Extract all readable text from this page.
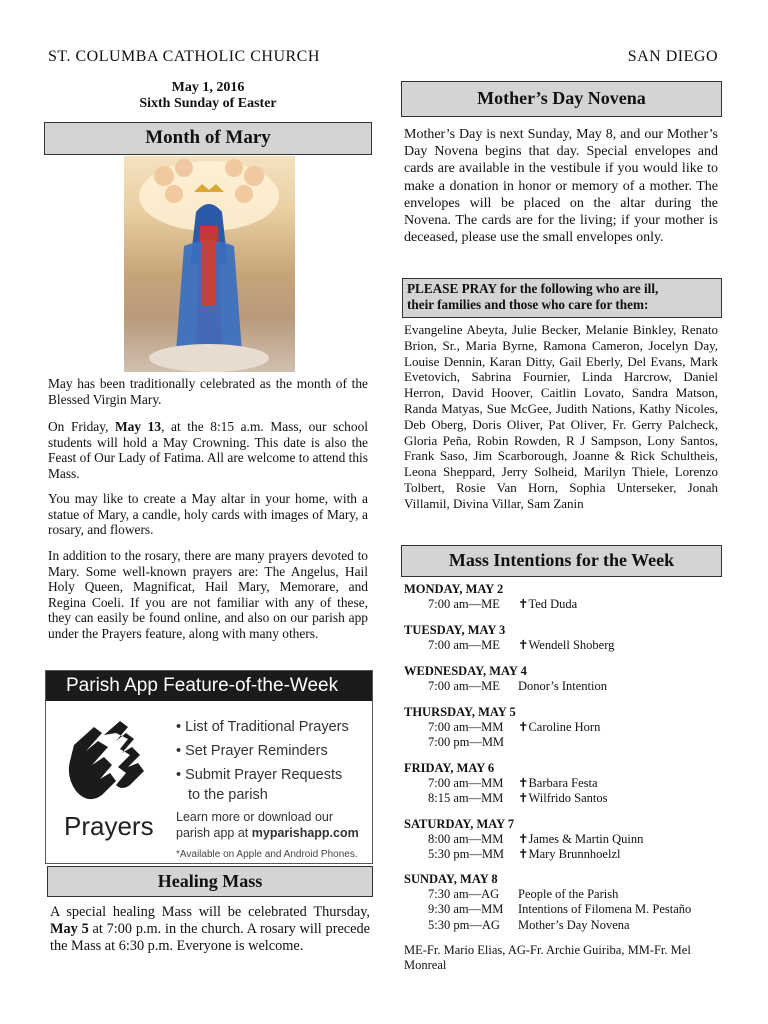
ST. COLUMBA CATHOLIC CHURCH	SAN DIEGO
May 1, 2016
Sixth Sunday of Easter
Month of Mary
May has been traditionally celebrated as the month of the Blessed Virgin Mary.
On Friday, May 13, at the 8:15 a.m. Mass, our school students will hold a May Crowning. This date is also the Feast of Our Lady of Fatima. All are welcome to attend this Mass.
You may like to create a May altar in your home, with a statue of Mary, a candle, holy cards with images of Mary, a rosary, and flowers.
In addition to the rosary, there are many prayers devoted to Mary. Some well-known prayers are: The Angelus, Hail Holy Queen, Magnificat, Hail Mary, Memorare, and Regina Coeli. If you are not familiar with any of these, they can easily be found online, and also on our parish app under the Prayers feature, along with many others.
Parish App Feature-of-the-Week
Prayers
• List of Traditional Prayers
• Set Prayer Reminders
• Submit Prayer Requests
to the parish
Learn more or download our
parish app at myparishapp.com
*Available on Apple and Android Phones.
Healing Mass
A special healing Mass will be celebrated Thursday, May 5 at 7:00 p.m. in the church. A rosary will precede the Mass at 6:30 p.m. Everyone is welcome.
Mother’s Day Novena
Mother’s Day is next Sunday, May 8, and our Mother’s Day Novena begins that day. Special envelopes and cards are available in the vestibule if you would like to make a donation in honor or memory of a mother. The envelopes will be placed on the altar during the Novena. The cards are for the living; if your mother is deceased, please use the small envelopes only.
PLEASE PRAY for the following who are ill,
their families and those who care for them:
Evangeline Abeyta, Julie Becker, Melanie Binkley, Renato Brion, Sr., Maria Byrne, Ramona Cameron, Jocelyn Day, Louise Dennin, Karan Ditty, Gail Eberly, Del Evans, Mark Evetovich, Sabrina Fournier, Linda Harcrow, Daniel Herron, David Hoover, Caitlin Lovato, Sandra Matson, Randa Matyas, Sue McGee, Judith Nations, Kathy Nicoles, Deb Oberg, Doris Oliver, Pat Oliver, Fr. Gerry Palcheck, Gloria Peña, Robin Rowden, R J Sampson, Lony Santos, Frank Saso, Jim Scarborough, Joanne & Rick Schultheis, Leona Sheppard, Jerry Solheid, Marilyn Thiele, Lorenzo Tolbert, Rosie Van Horn, Sophia Unterseker, Jonah Villamil, Divina Villar, Sam Zanin
Mass Intentions for the Week
MONDAY, MAY 2
7:00 am—ME ✝Ted Duda
TUESDAY, MAY 3
7:00 am—ME ✝Wendell Shoberg
WEDNESDAY, MAY 4
7:00 am—ME Donor’s Intention
THURSDAY, MAY 5
7:00 am—MM ✝Caroline Horn
7:00 pm—MM
FRIDAY, MAY 6
7:00 am—MM ✝Barbara Festa
8:15 am—MM ✝Wilfrido Santos
SATURDAY, MAY 7
8:00 am—MM ✝James & Martin Quinn
5:30 pm—MM ✝Mary Brunnhoelzl
SUNDAY, MAY 8
7:30 am—AG People of the Parish
9:30 am—MM Intentions of Filomena M. Pestaño
5:30 pm—AG Mother’s Day Novena
ME-Fr. Mario Elias, AG-Fr. Archie Guiriba, MM-Fr. Mel Monreal
